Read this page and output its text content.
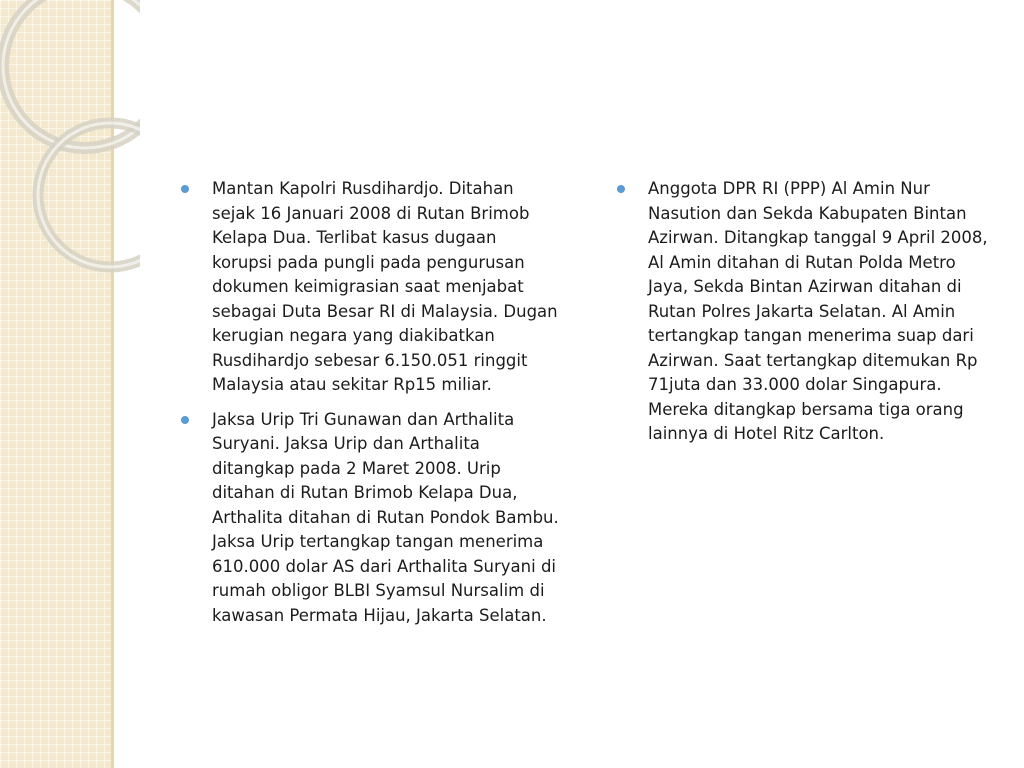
Mantan Kapolri Rusdihardjo. Ditahan sejak 16 Januari 2008 di Rutan Brimob Kelapa Dua. Terlibat kasus dugaan korupsi pada pungli pada pengurusan dokumen keimigrasian saat menjabat sebagai Duta Besar RI di Malaysia. Dugan kerugian negara yang diakibatkan Rusdihardjo sebesar 6.150.051 ringgit Malaysia atau sekitar Rp15 miliar.
Jaksa Urip Tri Gunawan dan Arthalita Suryani. Jaksa Urip dan Arthalita ditangkap pada 2 Maret 2008. Urip ditahan di Rutan Brimob Kelapa Dua, Arthalita ditahan di Rutan Pondok Bambu. Jaksa Urip tertangkap tangan menerima 610.000 dolar AS dari Arthalita Suryani di rumah obligor BLBI Syamsul Nursalim di kawasan Permata Hijau, Jakarta Selatan.
Anggota DPR RI (PPP) Al Amin Nur Nasution dan Sekda Kabupaten Bintan Azirwan. Ditangkap tanggal 9 April 2008, Al Amin ditahan di Rutan Polda Metro Jaya, Sekda Bintan Azirwan ditahan di Rutan Polres Jakarta Selatan. Al Amin tertangkap tangan menerima suap dari Azirwan. Saat tertangkap ditemukan Rp 71juta dan 33.000 dolar Singapura. Mereka ditangkap bersama tiga orang lainnya di Hotel Ritz Carlton.
